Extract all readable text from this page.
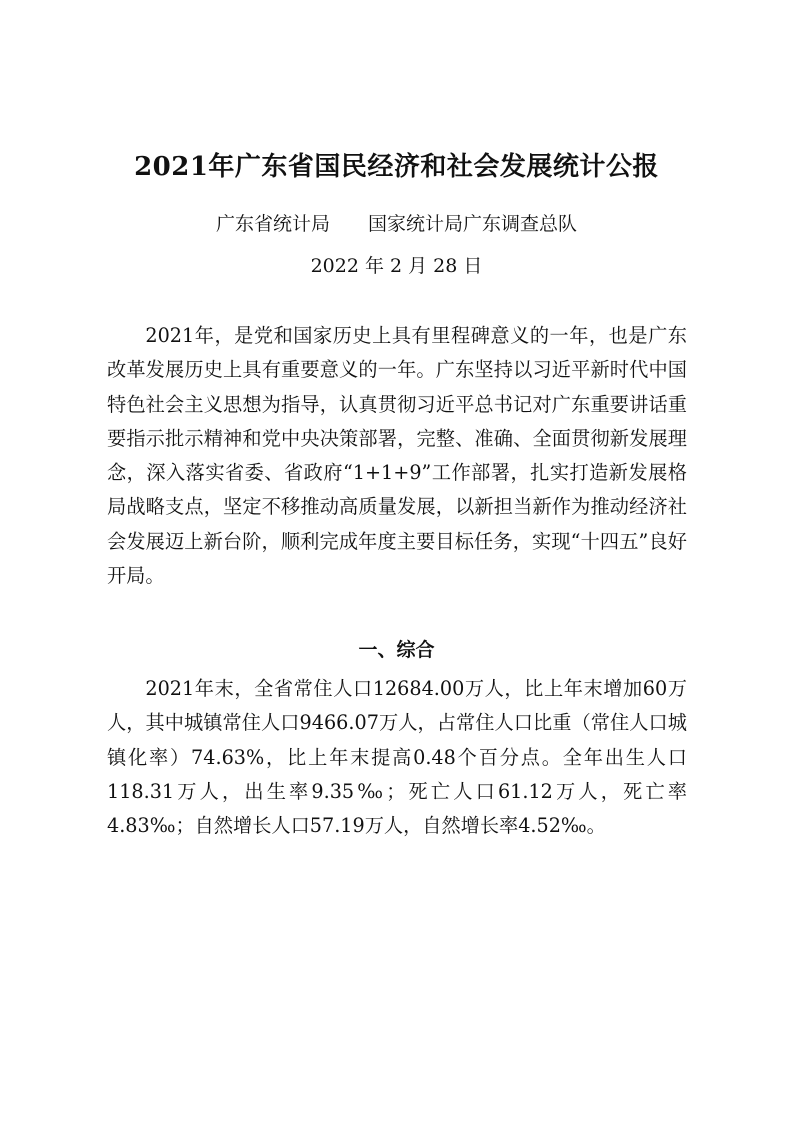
2021年广东省国民经济和社会发展统计公报
广东省统计局 国家统计局广东调查总队
2022 年 2 月 28 日

2021年，是党和国家历史上具有里程碑意义的一年，也是广东改革发展历史上具有重要意义的一年。广东坚持以习近平新时代中国特色社会主义思想为指导，认真贯彻习近平总书记对广东重要讲话重要指示批示精神和党中央决策部署，完整、准确、全面贯彻新发展理念，深入落实省委、省政府“1+1+9”工作部署，扎实打造新发展格局战略支点，坚定不移推动高质量发展，以新担当新作为推动经济社会发展迈上新台阶，顺利完成年度主要目标任务，实现“十四五”良好开局。

一、综合

2021年末，全省常住人口12684.00万人，比上年末增加60万人，其中城镇常住人口9466.07万人，占常住人口比重（常住人口城镇化率）74.63%，比上年末提高0.48个百分点。全年出生人口118.31万人，出生率9.35‰；死亡人口61.12万人，死亡率4.83‰；自然增长人口57.19万人，自然增长率4.52‰。
